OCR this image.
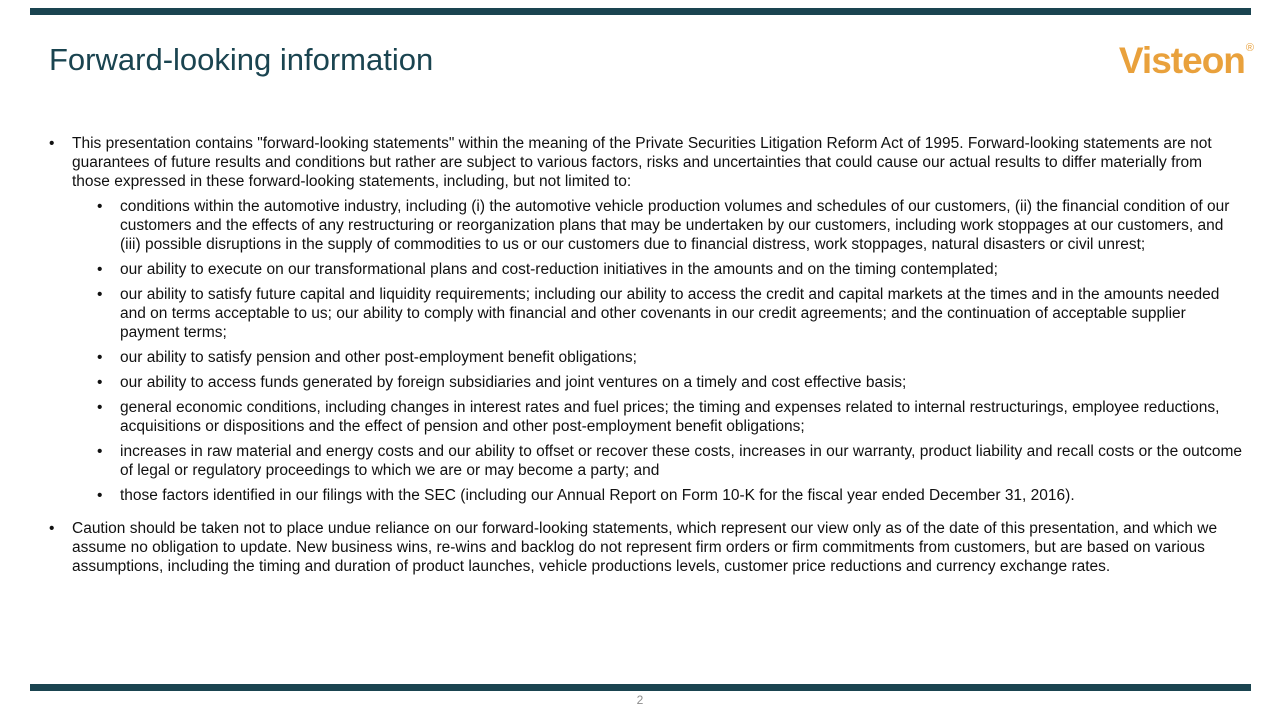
Forward-looking information	Visteon®
•	This presentation contains "forward-looking statements" within the meaning of the Private Securities Litigation Reform Act of 1995. Forward-looking statements are not guarantees of future results and conditions but rather are subject to various factors, risks and uncertainties that could cause our actual results to differ materially from those expressed in these forward-looking statements, including, but not limited to:
•	conditions within the automotive industry, including (i) the automotive vehicle production volumes and schedules of our customers, (ii) the financial condition of our customers and the effects of any restructuring or reorganization plans that may be undertaken by our customers, including work stoppages at our customers, and (iii) possible disruptions in the supply of commodities to us or our customers due to financial distress, work stoppages, natural disasters or civil unrest;
•	our ability to execute on our transformational plans and cost-reduction initiatives in the amounts and on the timing contemplated;
•	our ability to satisfy future capital and liquidity requirements; including our ability to access the credit and capital markets at the times and in the amounts needed and on terms acceptable to us; our ability to comply with financial and other covenants in our credit agreements; and the continuation of acceptable supplier payment terms;
•	our ability to satisfy pension and other post-employment benefit obligations;
•	our ability to access funds generated by foreign subsidiaries and joint ventures on a timely and cost effective basis;
•	general economic conditions, including changes in interest rates and fuel prices; the timing and expenses related to internal restructurings, employee reductions, acquisitions or dispositions and the effect of pension and other post-employment benefit obligations;
•	increases in raw material and energy costs and our ability to offset or recover these costs, increases in our warranty, product liability and recall costs or the outcome of legal or regulatory proceedings to which we are or may become a party; and
•	those factors identified in our filings with the SEC (including our Annual Report on Form 10-K for the fiscal year ended December 31, 2016).
•	Caution should be taken not to place undue reliance on our forward-looking statements, which represent our view only as of the date of this presentation, and which we assume no obligation to update. New business wins, re-wins and backlog do not represent firm orders or firm commitments from customers, but are based on various assumptions, including the timing and duration of product launches, vehicle productions levels, customer price reductions and currency exchange rates.
2
